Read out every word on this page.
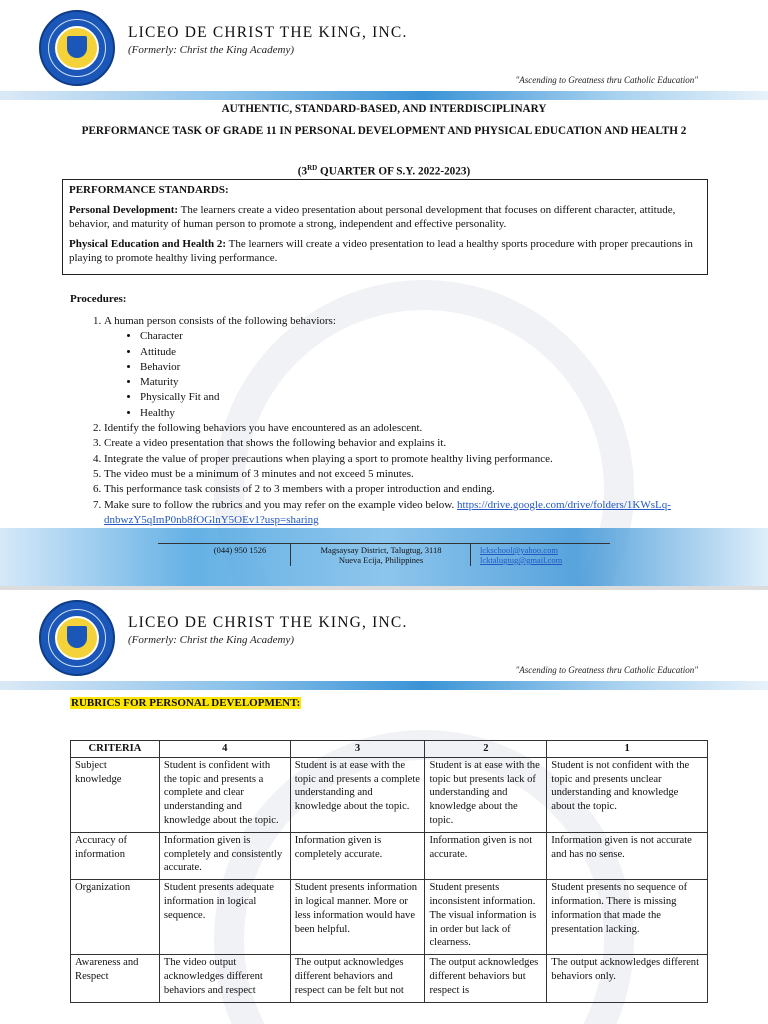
LICEO DE CHRIST THE KING, INC.
(Formerly: Christ the King Academy)
"Ascending to Greatness thru Catholic Education"
AUTHENTIC, STANDARD-BASED, AND INTERDISCIPLINARY
PERFORMANCE TASK OF GRADE 11 IN PERSONAL DEVELOPMENT AND PHYSICAL EDUCATION AND HEALTH 2
(3RD QUARTER OF S.Y. 2022-2023)

PERFORMANCE STANDARDS:

Personal Development: The learners create a video presentation about personal development that focuses on different character, attitude, behavior, and maturity of human person to promote a strong, independent and effective personality.

Physical Education and Health 2: The learners will create a video presentation to lead a healthy sports procedure with proper precautions in playing to promote healthy living performance.

Procedures:
1. A human person consists of the following behaviors:
• Character
• Attitude
• Behavior
• Maturity
• Physically Fit and
• Healthy
2. Identify the following behaviors you have encountered as an adolescent.
3. Create a video presentation that shows the following behavior and explains it.
4. Integrate the value of proper precautions when playing a sport to promote healthy living performance.
5. The video must be a minimum of 3 minutes and not exceed 5 minutes.
6. This performance task consists of 2 to 3 members with a proper introduction and ending.
7. Make sure to follow the rubrics and you may refer on the example video below. https://drive.google.com/drive/folders/1KWsLq-dnbwzY5qImP0nb8fOGlnY5OEv1?usp=sharing
(044) 950 1526	Magsaysay District, Talugtug, 3118
Nueva Ecija, Philippines
lckschool@yahoo.com
lcktalugtug@gmail.com
LICEO DE CHRIST THE KING, INC.
(Formerly: Christ the King Academy)
"Ascending to Greatness thru Catholic Education"
RUBRICS FOR PERSONAL DEVELOPMENT:
CRITERIA	4	3	2	1
Subject knowledge	Student is confident with the topic and presents a complete and clear understanding and knowledge about the topic.	Student is at ease with the topic and presents a complete understanding and knowledge about the topic.	Student is at ease with the topic but presents lack of understanding and knowledge about the topic.	Student is not confident with the topic and presents unclear understanding and knowledge about the topic.
Accuracy of information	Information given is completely and consistently accurate.	Information given is completely accurate.	Information given is not accurate.	Information given is not accurate and has no sense.
Organization	Student presents adequate information in logical sequence.	Student presents information in logical manner. More or less information would have been helpful.	Student presents inconsistent information. The visual information is in order but lack of clearness.	Student presents no sequence of information. There is missing information that made the presentation lacking.
Awareness and Respect	The video output acknowledges different behaviors and respect	The output acknowledges different behaviors and respect can be felt but not	The output acknowledges different behaviors but respect is	The output acknowledges different behaviors only.
